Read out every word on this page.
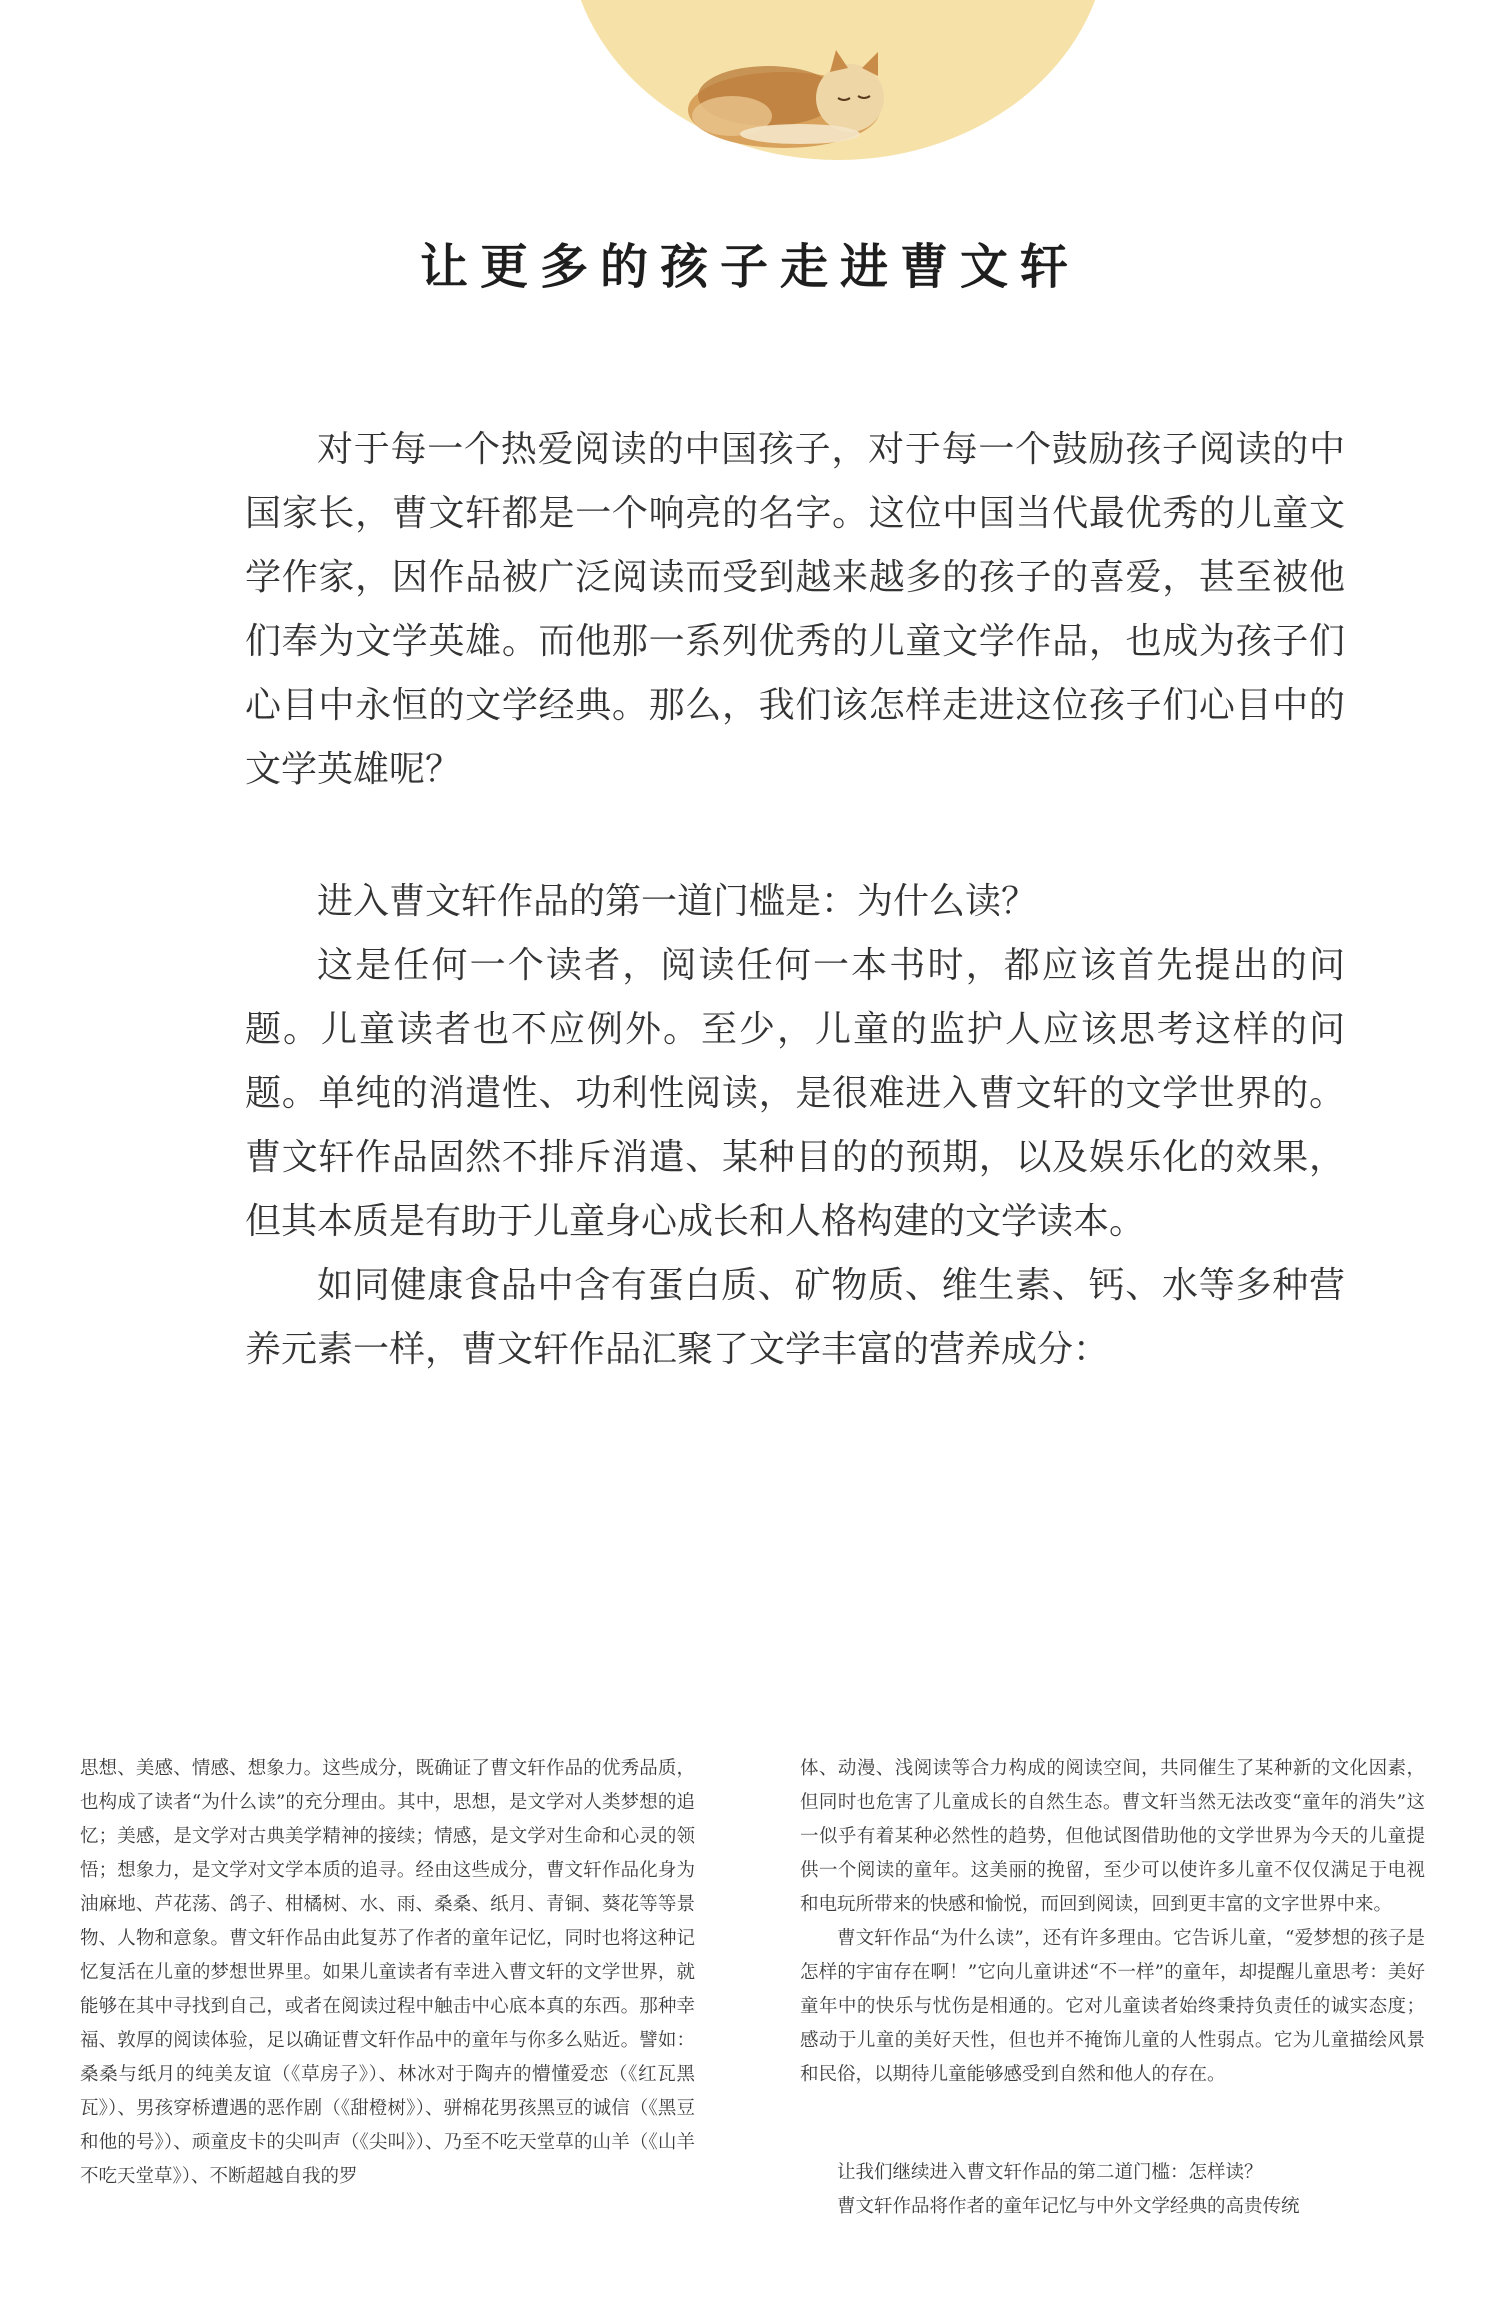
让更多的孩子走进曹文轩

对于每一个热爱阅读的中国孩子，对于每一个鼓励孩子阅读的中国家长，曹文轩都是一个响亮的名字。这位中国当代最优秀的儿童文学作家，因作品被广泛阅读而受到越来越多的孩子的喜爱，甚至被他们奉为文学英雄。而他那一系列优秀的儿童文学作品，也成为孩子们心目中永恒的文学经典。那么，我们该怎样走进这位孩子们心目中的文学英雄呢？

进入曹文轩作品的第一道门槛是：为什么读？

这是任何一个读者，阅读任何一本书时，都应该首先提出的问题。儿童读者也不应例外。至少，儿童的监护人应该思考这样的问题。单纯的消遣性、功利性阅读，是很难进入曹文轩的文学世界的。曹文轩作品固然不排斥消遣、某种目的的预期，以及娱乐化的效果，但其本质是有助于儿童身心成长和人格构建的文学读本。

如同健康食品中含有蛋白质、矿物质、维生素、钙、水等多种营养元素一样，曹文轩作品汇聚了文学丰富的营养成分：

思想、美感、情感、想象力。这些成分，既确证了曹文轩作品的优秀品质，也构成了读者“为什么读”的充分理由。其中，思想，是文学对人类梦想的追忆；美感，是文学对古典美学精神的接续；情感，是文学对生命和心灵的领悟；想象力，是文学对文学本质的追寻。经由这些成分，曹文轩作品化身为油麻地、芦花荡、鸽子、柑橘树、水、雨、桑桑、纸月、青铜、葵花等等景物、人物和意象。曹文轩作品由此复苏了作者的童年记忆，同时也将这种记忆复活在儿童的梦想世界里。如果儿童读者有幸进入曹文轩的文学世界，就能够在其中寻找到自己，或者在阅读过程中触击中心底本真的东西。那种幸福、敦厚的阅读体验，足以确证曹文轩作品中的童年与你多么贴近。譬如：桑桑与纸月的纯美友谊（《草房子》）、林冰对于陶卉的懵懂爱恋（《红瓦黑瓦》）、男孩穿桥遭遇的恶作剧（《甜橙树》）、骈棉花男孩黑豆的诚信（《黑豆和他的号》）、顽童皮卡的尖叫声（《尖叫》）、乃至不吃天堂草的山羊（《山羊不吃天堂草》）、不断超越自我的罗

体、动漫、浅阅读等合力构成的阅读空间，共同催生了某种新的文化因素，但同时也危害了儿童成长的自然生态。曹文轩当然无法改变“童年的消失”这一似乎有着某种必然性的趋势，但他试图借助他的文学世界为今天的儿童提供一个阅读的童年。这美丽的挽留，至少可以使许多儿童不仅仅满足于电视和电玩所带来的快感和愉悦，而回到阅读，回到更丰富的文字世界中来。

曹文轩作品“为什么读”，还有许多理由。它告诉儿童，“爱梦想的孩子是怎样的宇宙存在啊！”它向儿童讲述“不一样”的童年，却提醒儿童思考：美好童年中的快乐与忧伤是相通的。它对儿童读者始终秉持负责任的诚实态度；感动于儿童的美好天性，但也并不掩饰儿童的人性弱点。它为儿童描绘风景和民俗，以期待儿童能够感受到自然和他人的存在。

让我们继续进入曹文轩作品的第二道门槛：怎样读？

曹文轩作品将作者的童年记忆与中外文学经典的高贵传统
